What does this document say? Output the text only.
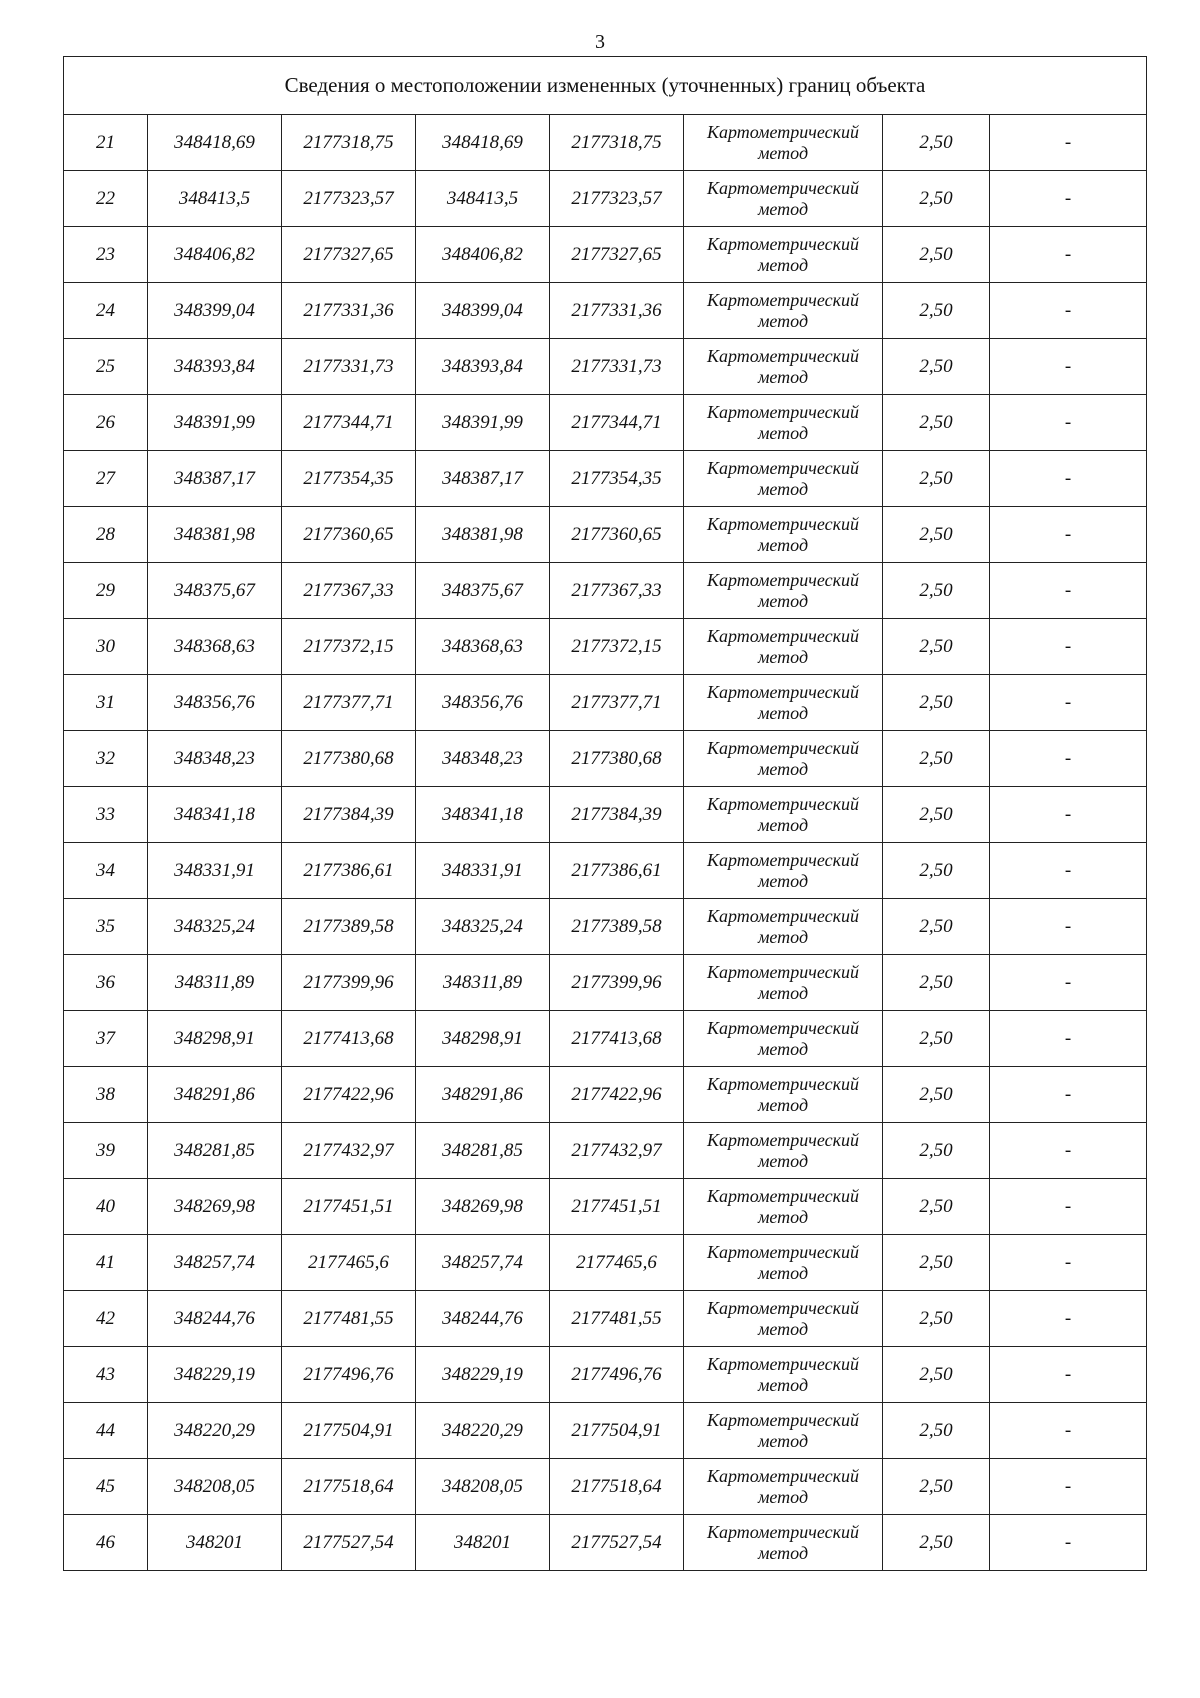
3
Сведения о местоположении измененных (уточненных) границ объекта							
21	348418,69	2177318,75	348418,69	2177318,75	Картометрический
метод	2,50	-
22	348413,5	2177323,57	348413,5	2177323,57	Картометрический
метод	2,50	-
23	348406,82	2177327,65	348406,82	2177327,65	Картометрический
метод	2,50	-
24	348399,04	2177331,36	348399,04	2177331,36	Картометрический
метод	2,50	-
25	348393,84	2177331,73	348393,84	2177331,73	Картометрический
метод	2,50	-
26	348391,99	2177344,71	348391,99	2177344,71	Картометрический
метод	2,50	-
27	348387,17	2177354,35	348387,17	2177354,35	Картометрический
метод	2,50	-
28	348381,98	2177360,65	348381,98	2177360,65	Картометрический
метод	2,50	-
29	348375,67	2177367,33	348375,67	2177367,33	Картометрический
метод	2,50	-
30	348368,63	2177372,15	348368,63	2177372,15	Картометрический
метод	2,50	-
31	348356,76	2177377,71	348356,76	2177377,71	Картометрический
метод	2,50	-
32	348348,23	2177380,68	348348,23	2177380,68	Картометрический
метод	2,50	-
33	348341,18	2177384,39	348341,18	2177384,39	Картометрический
метод	2,50	-
34	348331,91	2177386,61	348331,91	2177386,61	Картометрический
метод	2,50	-
35	348325,24	2177389,58	348325,24	2177389,58	Картометрический
метод	2,50	-
36	348311,89	2177399,96	348311,89	2177399,96	Картометрический
метод	2,50	-
37	348298,91	2177413,68	348298,91	2177413,68	Картометрический
метод	2,50	-
38	348291,86	2177422,96	348291,86	2177422,96	Картометрический
метод	2,50	-
39	348281,85	2177432,97	348281,85	2177432,97	Картометрический
метод	2,50	-
40	348269,98	2177451,51	348269,98	2177451,51	Картометрический
метод	2,50	-
41	348257,74	2177465,6	348257,74	2177465,6	Картометрический
метод	2,50	-
42	348244,76	2177481,55	348244,76	2177481,55	Картометрический
метод	2,50	-
43	348229,19	2177496,76	348229,19	2177496,76	Картометрический
метод	2,50	-
44	348220,29	2177504,91	348220,29	2177504,91	Картометрический
метод	2,50	-
45	348208,05	2177518,64	348208,05	2177518,64	Картометрический
метод	2,50	-
46	348201	2177527,54	348201	2177527,54	Картометрический
метод	2,50	-
